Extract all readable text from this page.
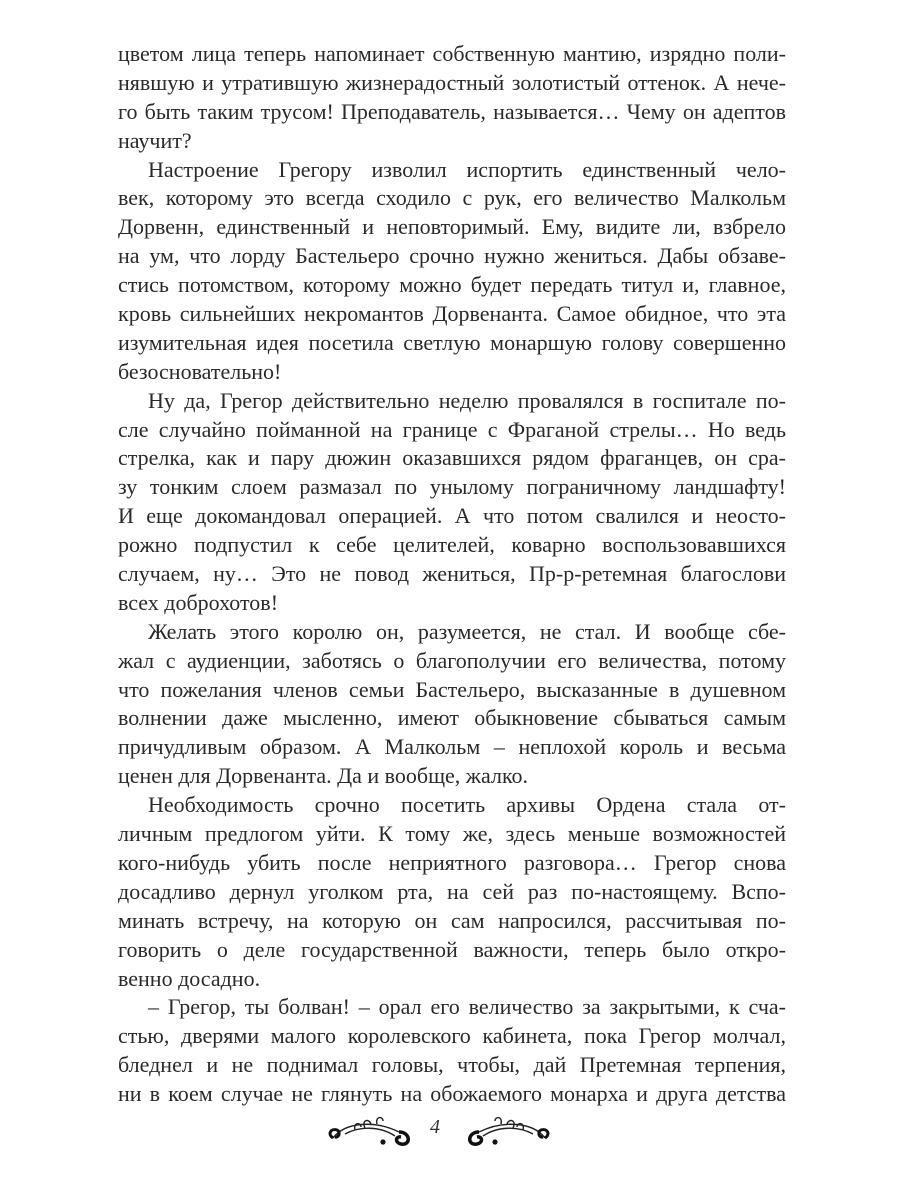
цветом лица теперь напоминает собственную мантию, изрядно поли-
нявшую и утратившую жизнерадостный золотистый оттенок. А нече-
го быть таким трусом! Преподаватель, называется… Чему он адептов
научит?
Настроение Грегору изволил испортить единственный чело-
век, которому это всегда сходило с рук, его величество Малкольм
Дорвенн, единственный и неповторимый. Ему, видите ли, взбрело
на ум, что лорду Бастельеро срочно нужно жениться. Дабы обзаве-
стись потомством, которому можно будет передать титул и, главное,
кровь сильнейших некромантов Дорвенанта. Самое обидное, что эта
изумительная идея посетила светлую монаршую голову совершенно
безосновательно!
Ну да, Грегор действительно неделю провалялся в госпитале по-
сле случайно пойманной на границе с Фраганой стрелы… Но ведь
стрелка, как и пару дюжин оказавшихся рядом фраганцев, он сра-
зу тонким слоем размазал по унылому пограничному ландшафту!
И еще докомандовал операцией. А что потом свалился и неосто-
рожно подпустил к себе целителей, коварно воспользовавшихся
случаем, ну… Это не повод жениться, Пр-р-ретемная благослови
всех доброхотов!
Желать этого королю он, разумеется, не стал. И вообще сбе-
жал с аудиенции, заботясь о благополучии его величества, потому
что пожелания членов семьи Бастельеро, высказанные в душевном
волнении даже мысленно, имеют обыкновение сбываться самым
причудливым образом. А Малкольм – неплохой король и весьма
ценен для Дорвенанта. Да и вообще, жалко.
Необходимость срочно посетить архивы Ордена стала от-
личным предлогом уйти. К тому же, здесь меньше возможностей
кого-нибудь убить после неприятного разговора… Грегор снова
досадливо дернул уголком рта, на сей раз по-настоящему. Вспо-
минать встречу, на которую он сам напросился, рассчитывая по-
говорить о деле государственной важности, теперь было откро-
венно досадно.
– Грегор, ты болван! – орал его величество за закрытыми, к сча-
стью, дверями малого королевского кабинета, пока Грегор молчал,
бледнел и не поднимал головы, чтобы, дай Претемная терпения,
ни в коем случае не глянуть на обожаемого монарха и друга детства
4
